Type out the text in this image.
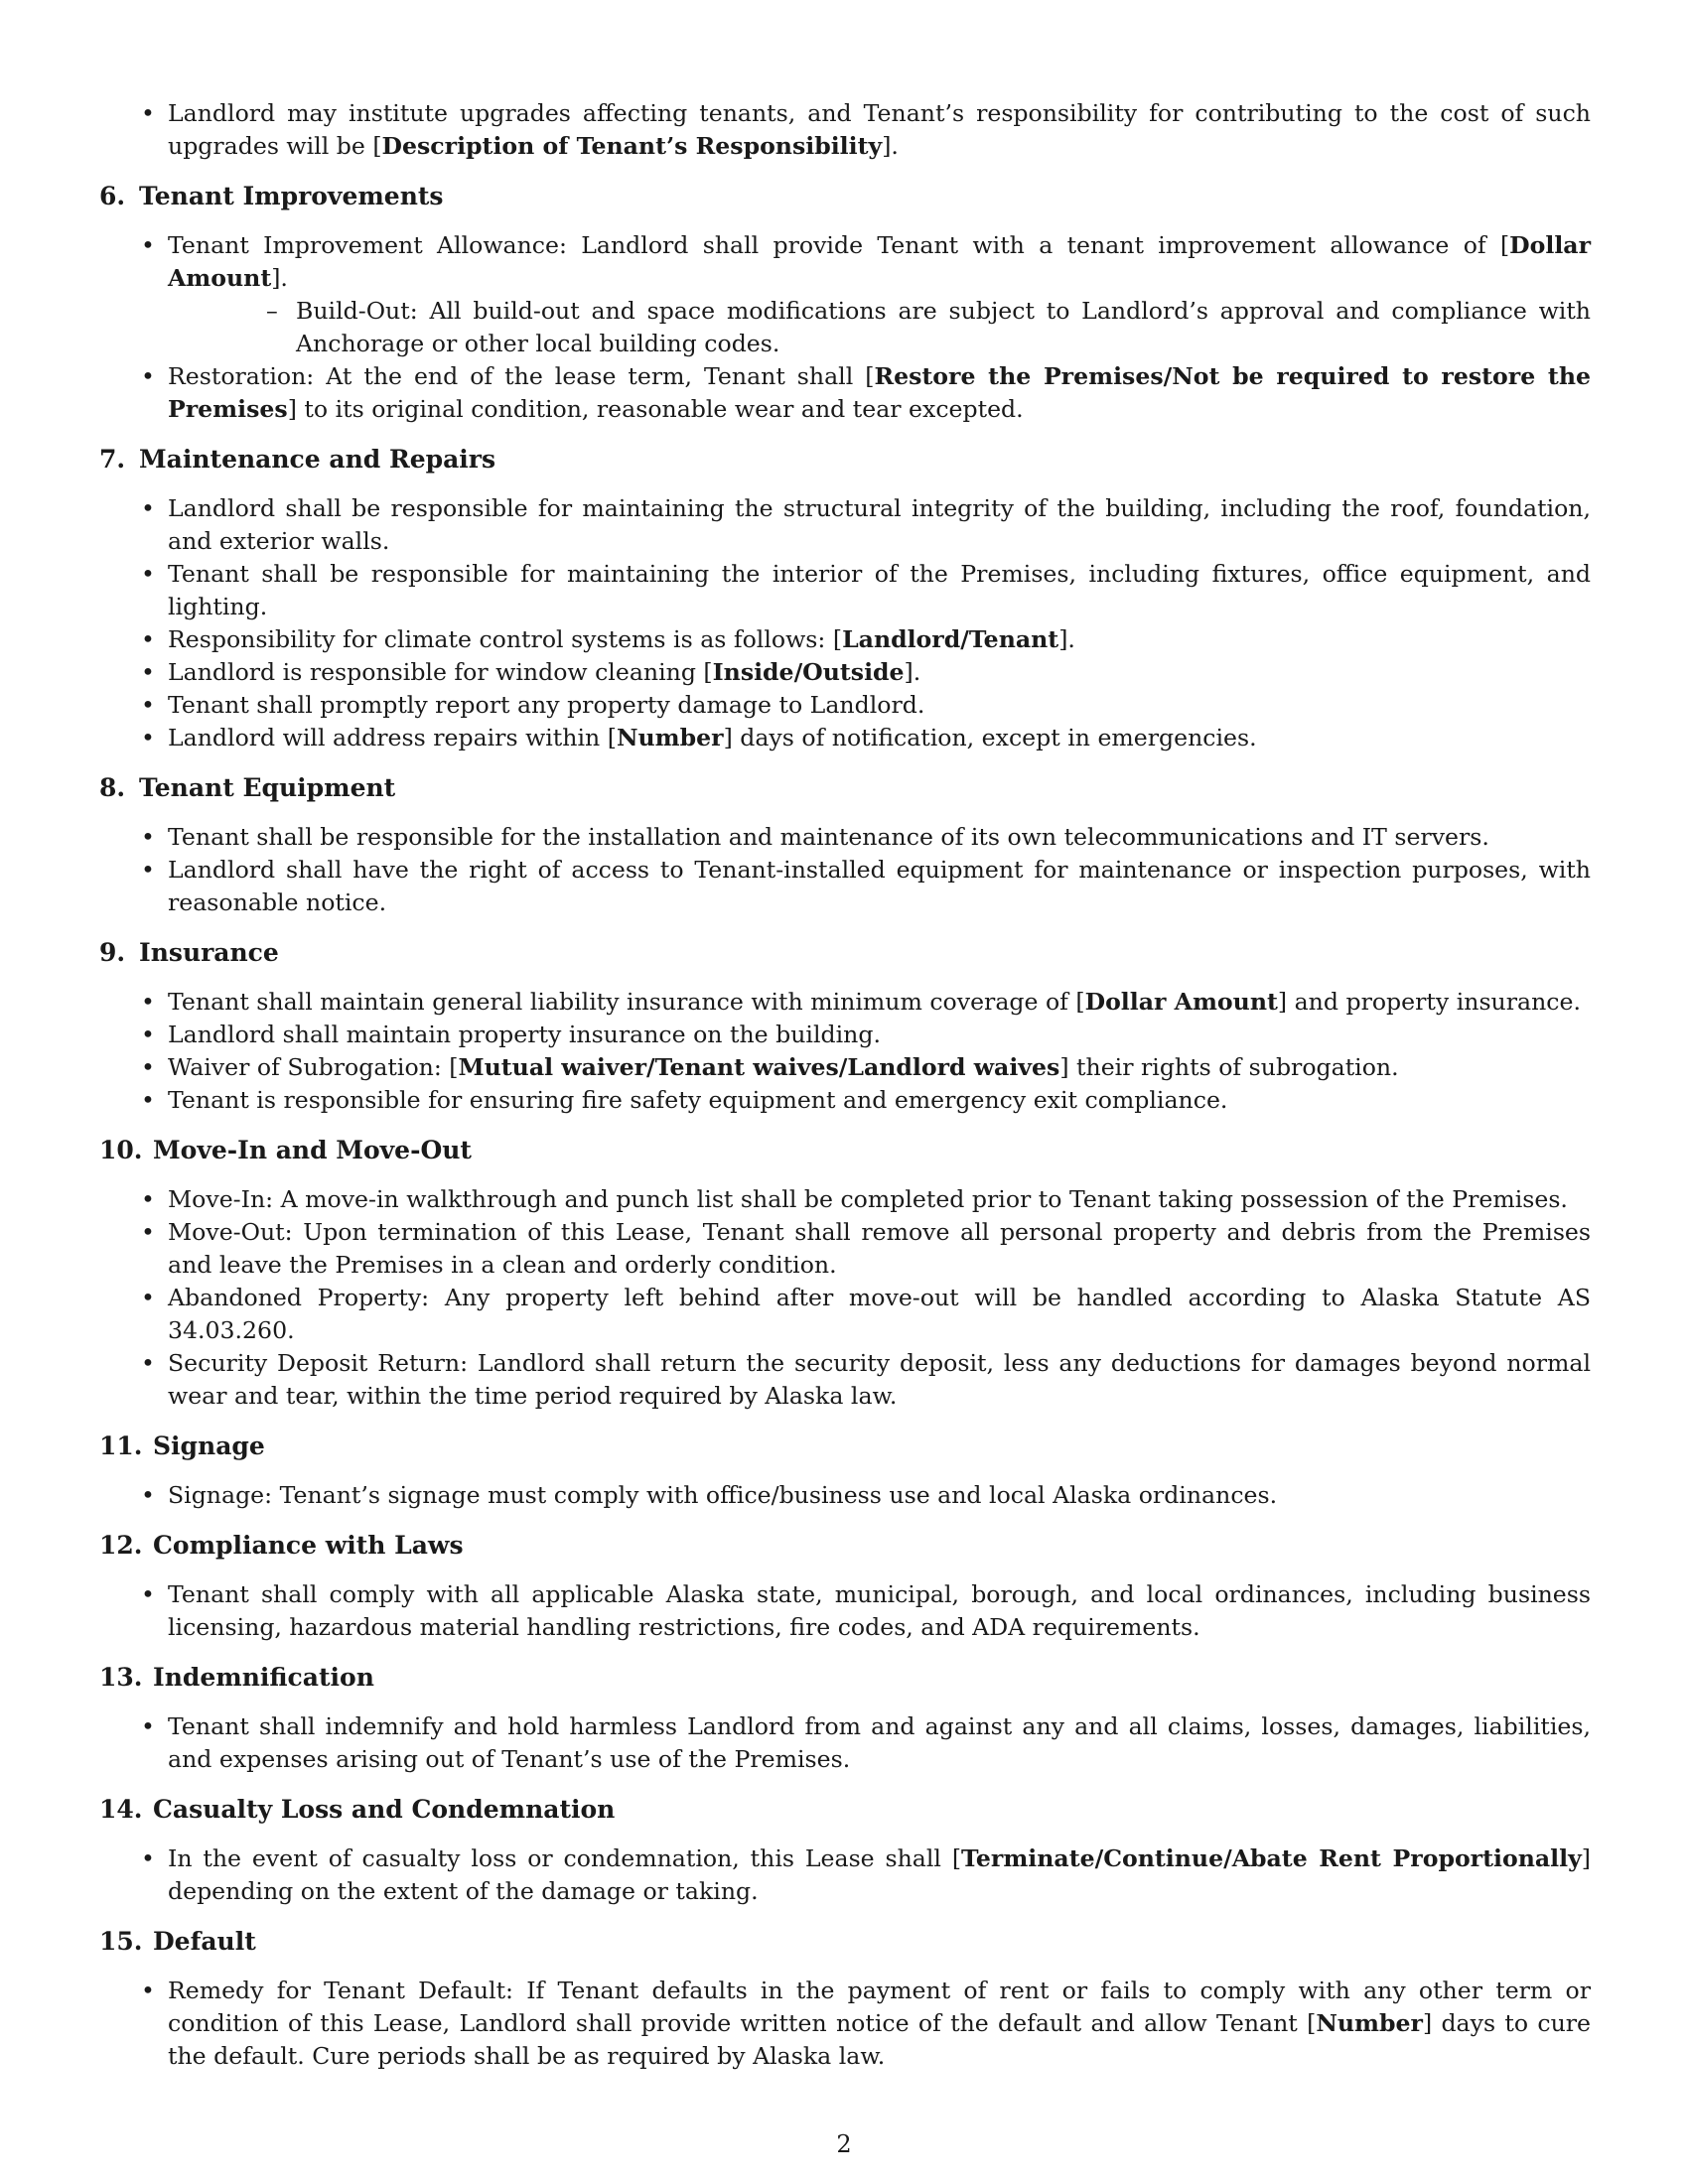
• Landlord may institute upgrades affecting tenants, and Tenant’s responsibility for contributing to the cost of such upgrades will be [Description of Tenant’s Responsibility].
6. Tenant Improvements
• Tenant Improvement Allowance: Landlord shall provide Tenant with a tenant improvement allowance of [Dollar Amount].
– Build-Out: All build-out and space modifications are subject to Landlord’s approval and compliance with Anchorage or other local building codes.
• Restoration: At the end of the lease term, Tenant shall [Restore the Premises/Not be required to restore the Premises] to its original condition, reasonable wear and tear excepted.
7. Maintenance and Repairs
• Landlord shall be responsible for maintaining the structural integrity of the building, including the roof, foundation, and exterior walls.
• Tenant shall be responsible for maintaining the interior of the Premises, including fixtures, office equipment, and lighting.
• Responsibility for climate control systems is as follows: [Landlord/Tenant].
• Landlord is responsible for window cleaning [Inside/Outside].
• Tenant shall promptly report any property damage to Landlord.
• Landlord will address repairs within [Number] days of notification, except in emergencies.
8. Tenant Equipment
• Tenant shall be responsible for the installation and maintenance of its own telecommunications and IT servers.
• Landlord shall have the right of access to Tenant-installed equipment for maintenance or inspection purposes, with reasonable notice.
9. Insurance
• Tenant shall maintain general liability insurance with minimum coverage of [Dollar Amount] and property insurance.
• Landlord shall maintain property insurance on the building.
• Waiver of Subrogation: [Mutual waiver/Tenant waives/Landlord waives] their rights of subrogation.
• Tenant is responsible for ensuring fire safety equipment and emergency exit compliance.
10. Move-In and Move-Out
• Move-In: A move-in walkthrough and punch list shall be completed prior to Tenant taking possession of the Premises.
• Move-Out: Upon termination of this Lease, Tenant shall remove all personal property and debris from the Premises and leave the Premises in a clean and orderly condition.
• Abandoned Property: Any property left behind after move-out will be handled according to Alaska Statute AS 34.03.260.
• Security Deposit Return: Landlord shall return the security deposit, less any deductions for damages beyond normal wear and tear, within the time period required by Alaska law.
11. Signage
• Signage: Tenant’s signage must comply with office/business use and local Alaska ordinances.
12. Compliance with Laws
• Tenant shall comply with all applicable Alaska state, municipal, borough, and local ordinances, including business licensing, hazardous material handling restrictions, fire codes, and ADA requirements.
13. Indemnification
• Tenant shall indemnify and hold harmless Landlord from and against any and all claims, losses, damages, liabilities, and expenses arising out of Tenant’s use of the Premises.
14. Casualty Loss and Condemnation
• In the event of casualty loss or condemnation, this Lease shall [Terminate/Continue/Abate Rent Proportionally] depending on the extent of the damage or taking.
15. Default
• Remedy for Tenant Default: If Tenant defaults in the payment of rent or fails to comply with any other term or condition of this Lease, Landlord shall provide written notice of the default and allow Tenant [Number] days to cure the default. Cure periods shall be as required by Alaska law.
2
